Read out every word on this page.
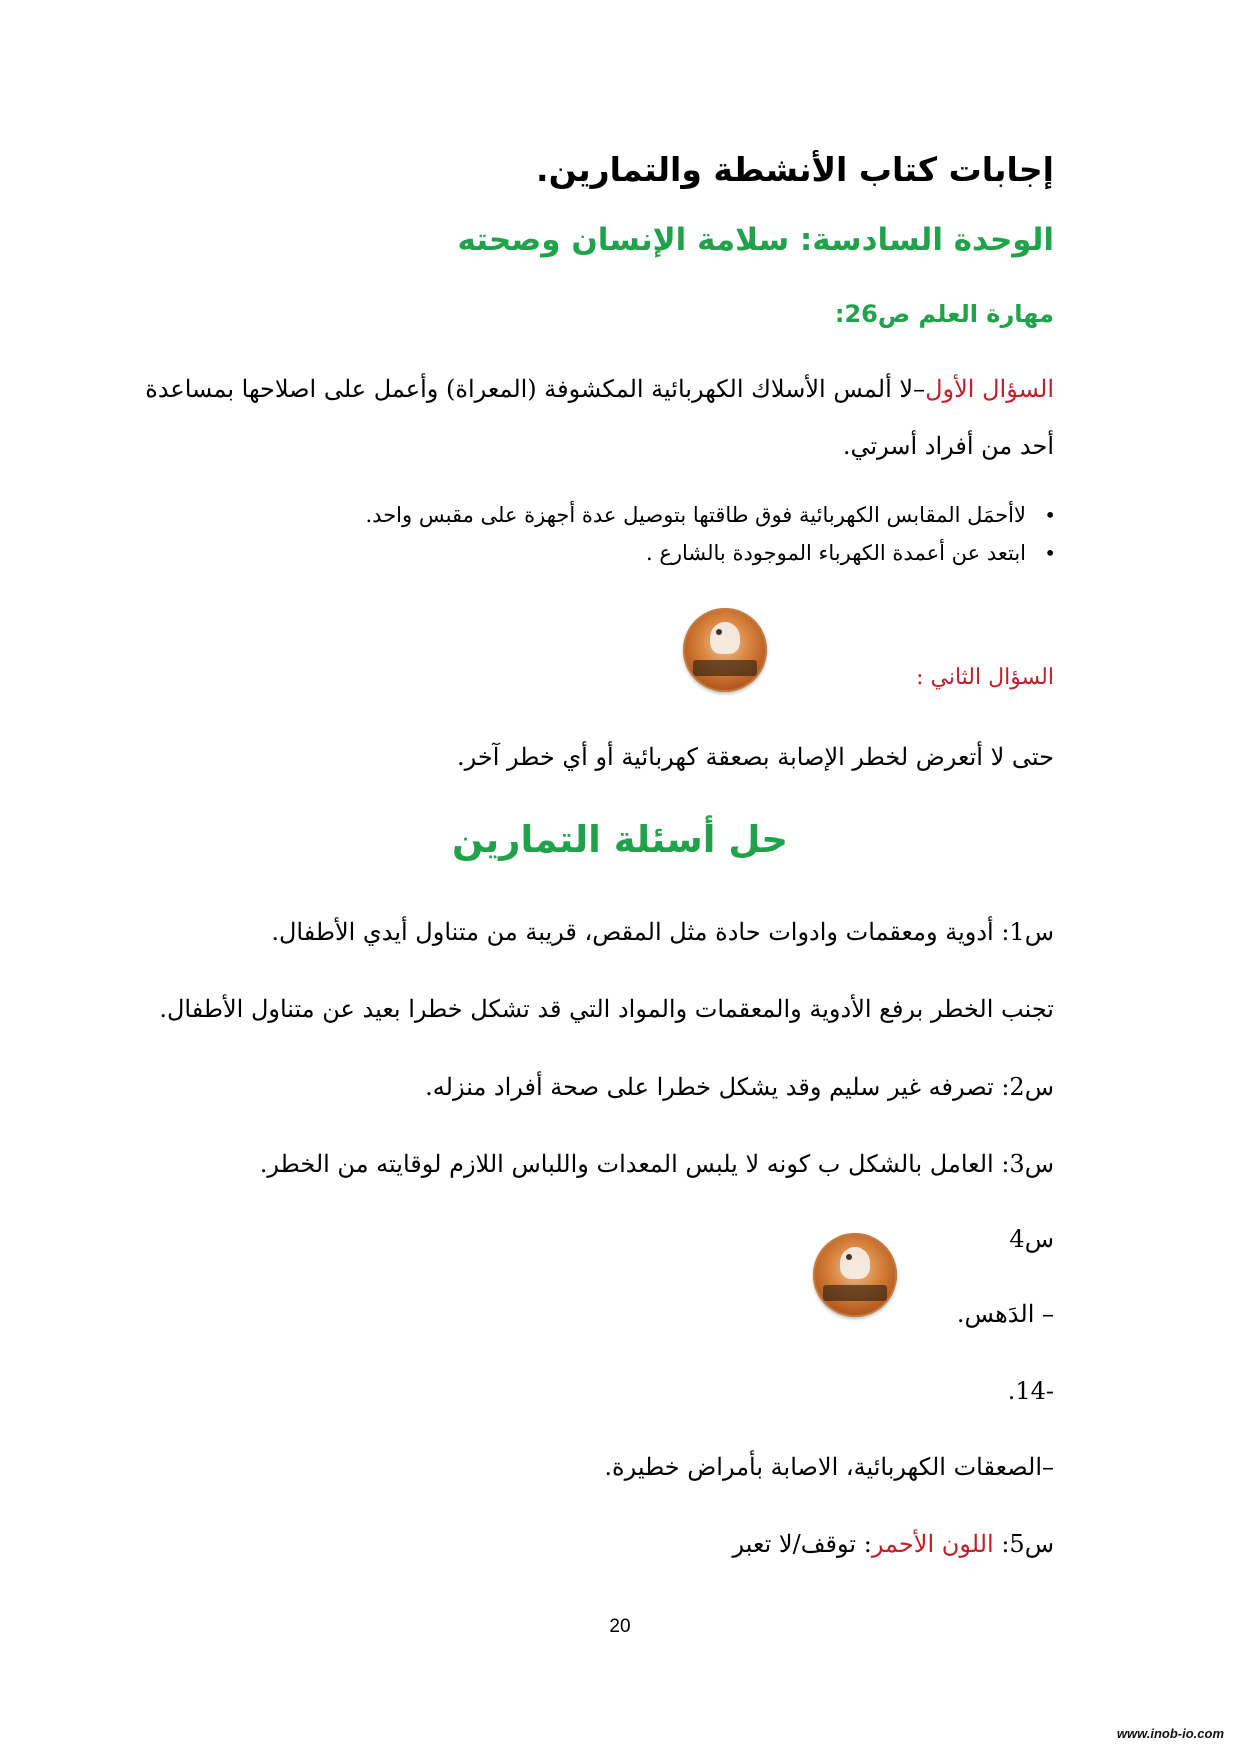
إجابات كتاب الأنشطة والتمارين.
الوحدة السادسة: سلامة الإنسان وصحته
مهارة العلم ص26:
السؤال الأول–لا ألمس الأسلاك الكهربائية المكشوفة (المعراة) وأعمل على اصلاحها بمساعدة
أحد من أفراد أسرتي.
• لاأحمَل المقابس الكهربائية فوق طاقتها بتوصيل عدة أجهزة على مقبس واحد.
• ابتعد عن أعمدة الكهرباء الموجودة بالشارع .
السؤال الثاني :
حتى لا أتعرض لخطر الإصابة بصعقة كهربائية أو أي خطر آخر.
حل أسئلة التمارين
س1: أدوية ومعقمات وادوات حادة مثل المقص، قريبة من متناول أيدي الأطفال.
تجنب الخطر برفع الأدوية والمعقمات والمواد التي قد تشكل خطرا بعيد عن متناول الأطفال.
س2: تصرفه غير سليم وقد يشكل خطرا على صحة أفراد منزله.
س3: العامل بالشكل ب كونه لا يلبس المعدات واللباس اللازم لوقايته من الخطر.
س4
– الدَهس.
-14.
–الصعقات الكهربائية، الاصابة بأمراض خطيرة.
س5: اللون الأحمر: توقف/لا تعبر
20
www.inob-io.com
